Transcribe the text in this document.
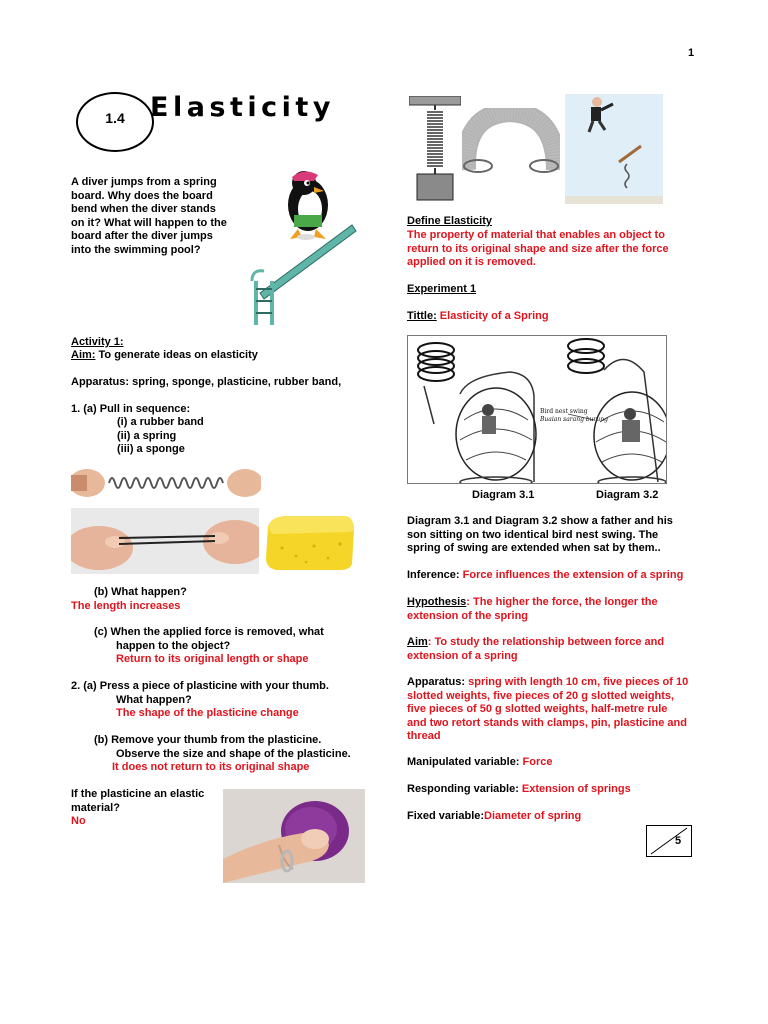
1
1.4 Elasticity
A diver jumps from a spring
board. Why does the board
bend when the diver stands
on it? What will happen to the
board after the diver jumps
into the swimming pool?
Activity 1:
Aim: To generate ideas on elasticity
Apparatus: spring, sponge, plasticine, rubber band,
1. (a) Pull in sequence:
(i) a rubber band
(ii) a spring
(iii) a sponge
(b) What happen?
The length increases
(c) When the applied force is removed, what
happen to the object?
Return to its original length or shape
2. (a) Press a piece of plasticine with your thumb.
What happen?
The shape of the plasticine change
(b) Remove your thumb from the plasticine.
Observe the size and shape of the plasticine.
It does not return to its original shape
If the plasticine an elastic
material?
No
Define Elasticity
The property of material that enables an object to
return to its original shape and size after the force
applied on it is removed.
Experiment 1
Tittle: Elasticity of a Spring
Bird nest swing
Buaian sarang burung
Diagram 3.1	Diagram 3.2
Diagram 3.1 and Diagram 3.2 show a father and his
son sitting on two identical bird nest swing. The
spring of swing are extended when sat by them..
Inference: Force influences the extension of a spring
Hypothesis: The higher the force, the longer the
extension of the spring
Aim: To study the relationship between force and
extension of a spring
Apparatus: spring with length 10 cm, five pieces of 10
slotted weights, five pieces of 20 g slotted weights,
five pieces of 50 g slotted weights, half-metre rule
and two retort stands with clamps, pin, plasticine and
thread
Manipulated variable: Force
Responding variable: Extension of springs
Fixed variable:Diameter of spring
5
